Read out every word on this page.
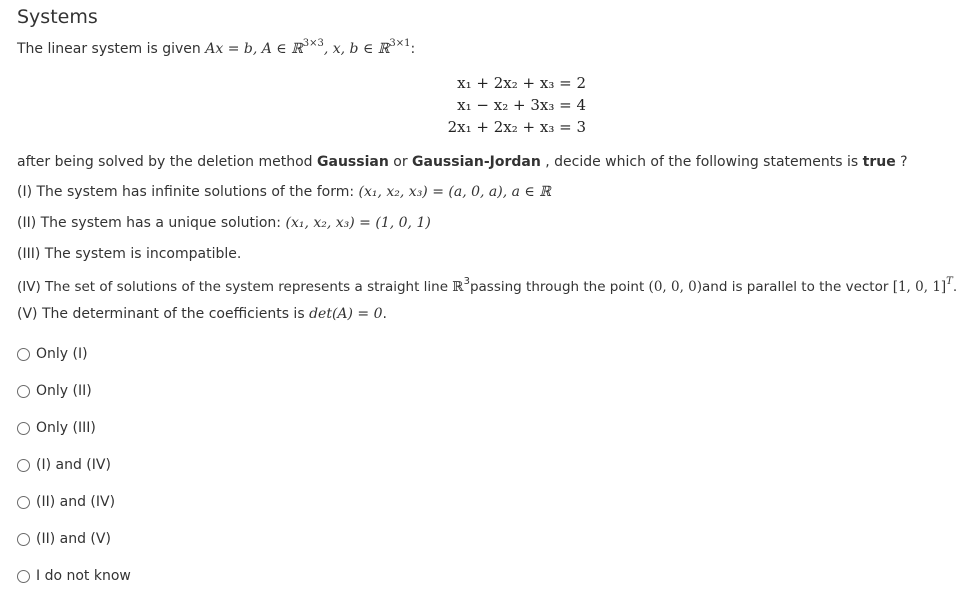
Systems
The linear system is given Ax = b, A ∈ ℝ$^{3\times 3}$, x, b ∈ ℝ$^{3\times 1}$:
x₁ + 2x₂ + x₃ = 2
x₁ − x₂ + 3x₃ = 4
2x₁ + 2x₂ + x₃ = 3
after being solved by the deletion method Gaussian or Gaussian-Jordan , decide which of the following statements is true ?
(I) The system has infinite solutions of the form: (x₁, x₂, x₃) = (a, 0, a), a ∈ ℝ
(II) The system has a unique solution: (x₁, x₂, x₃) = (1, 0, 1)
(III) The system is incompatible.
(IV) The set of solutions of the system represents a straight line ℝ$^3$passing through the point (0, 0, 0)and is parallel to the vector [1, 0, 1]$^T$.
(V) The determinant of the coefficients is det(A) = 0.
Only (I)
Only (II)
Only (III)
(I) and (IV)
(II) and (IV)
(II) and (V)
I do not know
